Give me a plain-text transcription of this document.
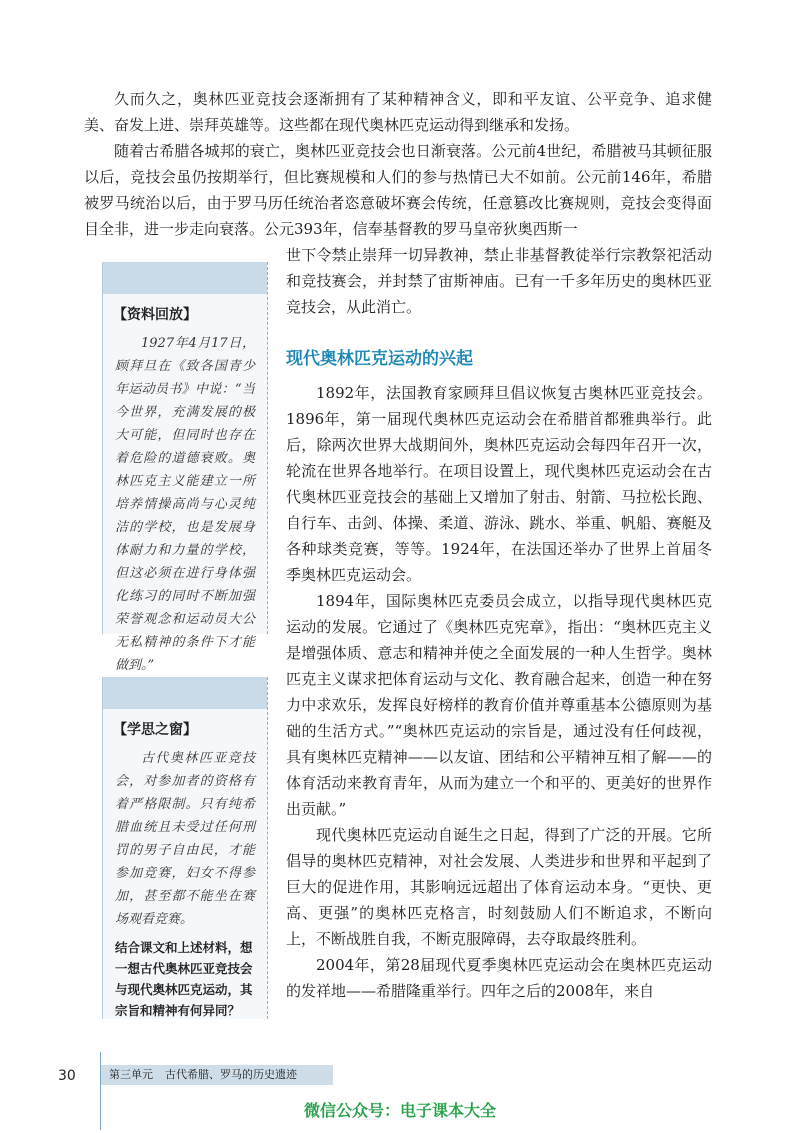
久而久之，奥林匹亚竞技会逐渐拥有了某种精神含义，即和平友谊、公平竞争、追求健美、奋发上进、崇拜英雄等。这些都在现代奥林匹克运动得到继承和发扬。

随着古希腊各城邦的衰亡，奥林匹亚竞技会也日渐衰落。公元前4世纪，希腊被马其顿征服以后，竞技会虽仍按期举行，但比赛规模和人们的参与热情已大不如前。公元前146年，希腊被罗马统治以后，由于罗马历任统治者恣意破坏赛会传统，任意篡改比赛规则，竞技会变得面目全非，进一步走向衰落。公元393年，信奉基督教的罗马皇帝狄奥西斯一

世下令禁止崇拜一切异教神，禁止非基督教徒举行宗教祭祀活动和竞技赛会，并封禁了宙斯神庙。已有一千多年历史的奥林匹亚竞技会，从此消亡。

现代奥林匹克运动的兴起

1892年，法国教育家顾拜旦倡议恢复古奥林匹亚竞技会。1896年，第一届现代奥林匹克运动会在希腊首都雅典举行。此后，除两次世界大战期间外，奥林匹克运动会每四年召开一次，轮流在世界各地举行。在项目设置上，现代奥林匹克运动会在古代奥林匹亚竞技会的基础上又增加了射击、射箭、马拉松长跑、自行车、击剑、体操、柔道、游泳、跳水、举重、帆船、赛艇及各种球类竞赛，等等。1924年，在法国还举办了世界上首届冬季奥林匹克运动会。

1894年，国际奥林匹克委员会成立，以指导现代奥林匹克运动的发展。它通过了《奥林匹克宪章》，指出：“奥林匹克主义是增强体质、意志和精神并使之全面发展的一种人生哲学。奥林匹克主义谋求把体育运动与文化、教育融合起来，创造一种在努力中求欢乐，发挥良好榜样的教育价值并尊重基本公德原则为基础的生活方式。”“奥林匹克运动的宗旨是，通过没有任何歧视，具有奥林匹克精神——以友谊、团结和公平精神互相了解——的体育活动来教育青年，从而为建立一个和平的、更美好的世界作出贡献。”

现代奥林匹克运动自诞生之日起，得到了广泛的开展。它所倡导的奥林匹克精神，对社会发展、人类进步和世界和平起到了巨大的促进作用，其影响远远超出了体育运动本身。“更快、更高、更强”的奥林匹克格言，时刻鼓励人们不断追求，不断向上，不断战胜自我，不断克服障碍，去夺取最终胜利。

2004年，第28届现代夏季奥林匹克运动会在奥林匹克运动的发祥地——希腊隆重举行。四年之后的2008年，来自

【资料回放】

1927年4月17日，顾拜旦在《致各国青少年运动员书》中说：“当今世界，充满发展的极大可能，但同时也存在着危险的道德衰败。奥林匹克主义能建立一所培养情操高尚与心灵纯洁的学校，也是发展身体耐力和力量的学校，但这必须在进行身体强化练习的同时不断加强荣誉观念和运动员大公无私精神的条件下才能做到。”

【学思之窗】

古代奥林匹亚竞技会，对参加者的资格有着严格限制。只有纯希腊血统且未受过任何刑罚的男子自由民，才能参加竞赛，妇女不得参加，甚至都不能坐在赛场观看竞赛。

结合课文和上述材料，想一想古代奥林匹亚竞技会与现代奥林匹克运动，其宗旨和精神有何异同？

30	第三单元 古代希腊、罗马的历史遗迹
微信公众号：电子课本大全
